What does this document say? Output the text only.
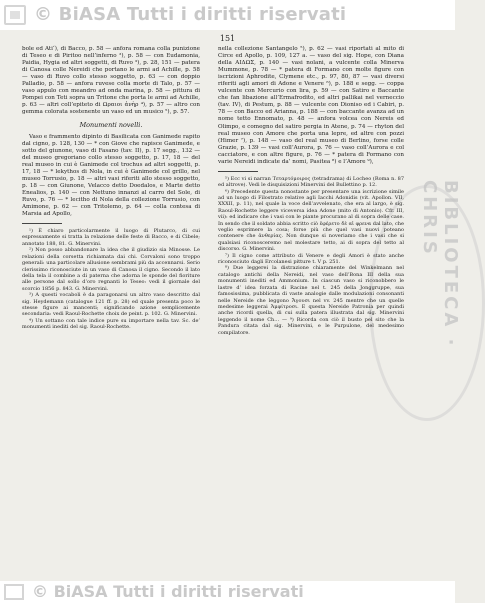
© BiASA Tutti i diritti riservati
BIBLIOTECA · CHRIS
151

bole ed Ati‘), di Bacco, p. 58 — anfora romana colla punizione di Teseo e di Piritoo nell’inferno ²), p. 58 — con Eudamonia, Paidia, Hygia ed altri soggetti, di Ruvo ³), p. 28, 151 — patera di Canosa colle Nereidi che portano le armi ad Achille, p. 58 — vaso di Ruvo collo stesso soggetto, p. 63 — con doppio Palladio, p. 58 — anfora ruvese colla morte di Talo, p. 57 — vaso appulo con meandro ad onda marina, p. 58 — pittura di Pompei con Teti sopra un Tritone che porta le armi ad Achille, p. 63 — altri coll’epiteto di Ωραιοι ἀνὴρ ⁴), p. 57 — altro con gemma colorata sostenente un vaso ed un musico ⁵), p. 57.

Monumenti novelli.

Vaso e frammento dipinto di Basilicata con Ganimede rapito dal cigno, p. 128, 130 — * con Giove che rapisce Ganimede, e sotto del giunone, vaso di Fasano (tav. II), p. 17 segg., 132 — del museo gregoriano collo stesso soggetto, p. 17, 18 — del real museo in cui è Ganimede col trochus ad altri soggetti, p. 17, 18 — * lekythos di Nola, in cui è Ganimede col grillo, nel museo Torrusio, p. 18 — altri vasi riferiti allo stesso soggetto, p. 18 — con Giunone, Velacco detto Doedalos, e Marte detto Enealios, p. 140 — con Nettuno innanzi al carro del Sole, di Ruvo, p. 76 — * lecitho di Nola della collezione Torrusio, con Amimone, p. 62 — con Tritolemo, p. 64 — colla contesa di Marsia ad Apollo,

¹) È chiaro particolarmente il luogo di Plutarco, di cui espressamente si tratta la relazione delle feste di Bacco, e di Cibele; annotato 188, 81. G. Minervini.

²) Non posso abbandonare la idea che il giudizio sia Minosse. Le relazioni della corsetta richiamata dai chi. Corvaloni sono troppo generali: una particolare allusione sembrami più da accennarsi. Serio clerissimo riconosciute in un vaso di Canosa il cigno. Secondo il lato della tela il combine a di paterna che adorna le sponde del fioriture alle persone dal sollo d’oro regnanti lo Teseo: vedi il giornale del scorcio 1856 p. 843. G. Minervini.

³) A questi vocaboli è da paragonarsi un altro vaso descritto dal sig. Heydemann (catalogue 121 ff. p. 28) ed quale presenta poco le stesse figure ai mancenti; significando azione semplicemente secondaria: vedi Raoul-Rochette choix de peint. p. 102. G. Minervini.

⁴) Un sottano con tale indice pure su importare nella tav. Sc. de’ monumenti inediti del sig. Raoul-Rochette.

nella collezione Santangelo ⁵), p. 62 — vasi riportati al mito di Circe ed Apollo, p. 109, 127 a. — vaso del sig. Hope, con Diana della ΑΙΔΩΣ, p. 140 — vasi nolani, a vulcente colla Minerva Mummone, p. 78 — * patera di Formano con molte figure con iscrizioni Aphrodite, Clymene etc., p. 97, 80, 87 — vasi diversi riferiti agli amori di Adone e Venere ⁶), p. 188 e segg. — coppa vulcente con Mercurio con lira, p. 59 — con Satiro e Baccante che fan libazione all’Ermafrodito, ed altri pallikai nel verneccio (tav. IV), di Pestum, p. 88 — vulcente con Dioniso ed i Cabiri, p. 78 — con Bacco ed Arianna, p. 188 — con baccante avanza ad un nome tetto Ennomato, p. 48 — anfora volcea con Nereis ed Olimpo, e comegno del satiro pergia in Atene, p. 74 — rhyton del real museo con Amore che porta una lepre, ed altre con pozzi (Himer ⁷), p. 148 — vaso del real museo di Berlino, forse colle Grazie, p. 139 — vasi coll’Aurora, p. 76 — vaso coll’Aurora e col cacciatore, e con altre figure, p. 76 — * patera di Formano con varie Nereidi indicate da’ nomi, Pasitea ⁸) e l’Amore ⁹),

⁵) Ecc vi si narran Τεταρτόμοιρος (tetradrama) di Locheo (Roma n. 87 ed altrove). Vedi le disquisizioni Minervini del Bullettino p. 12.

⁶) Precedente questa nonostante per presentare una iscrizione simile ad un luogo di Filostrato relative agli Iacchi Adonidis (vit. Apollon. VII, XXXII, p. 11), nel quale la voce dell’avvelenato, che era al largo, è sig. Raoul-Rochette leggere viceversa idea Adone (mito di Antonio). Cfr. III, vii): ed indicare che i vasi con le piante procurano al di sopra delle case. In sendo che il soldato abbia scritto ciò ἐφέρετο δὲ αἰ φρενα dal lato, che veglio esprimere la cosa; forse più che quel vasi nuovi poteano contenere che ἀνθερίας. Non dunque si noveriamo che i vasi che si qualsiasi riconosceremo nel molestare tetto, ai di sopra del tetto al discorso. G. Minervini.

⁷) Il cigno come attributo di Venere e degli Amori è stato anche riconosciuto dagli Ercolanesi pitture t. V p. 251.

⁸) Due leggerei la distrazione chiaramente del Winkelmann nel catalogo antichi della Nereidi, nel vaso dell’Bona III della sua monumenti inediti ed Ammonium. In ciascun vaso si riconobbero le lastre d’ idea forzata di Racine nel t. 245 della Jonggruppe, sua famosissima, pubblicata di vaste analogie dalle modulazioni consonanti nelle Nereide che leggono Ἄγουσι nel vv. 245 mentre che un quelle medesime leggerai Ἀμφίτροσι. E questa Nereide Patronia per quindi anche ricordi quella, di cui sulla patera illustrata dal sig. Minervini leggendo il nome Ch... — ⁹) Ricorda con ciò il busto pel sito che la Pandura citata dal sig. Minervini, e le Purpulone, del medesimo compilatore.

© BiASA Tutti i diritti riservati
